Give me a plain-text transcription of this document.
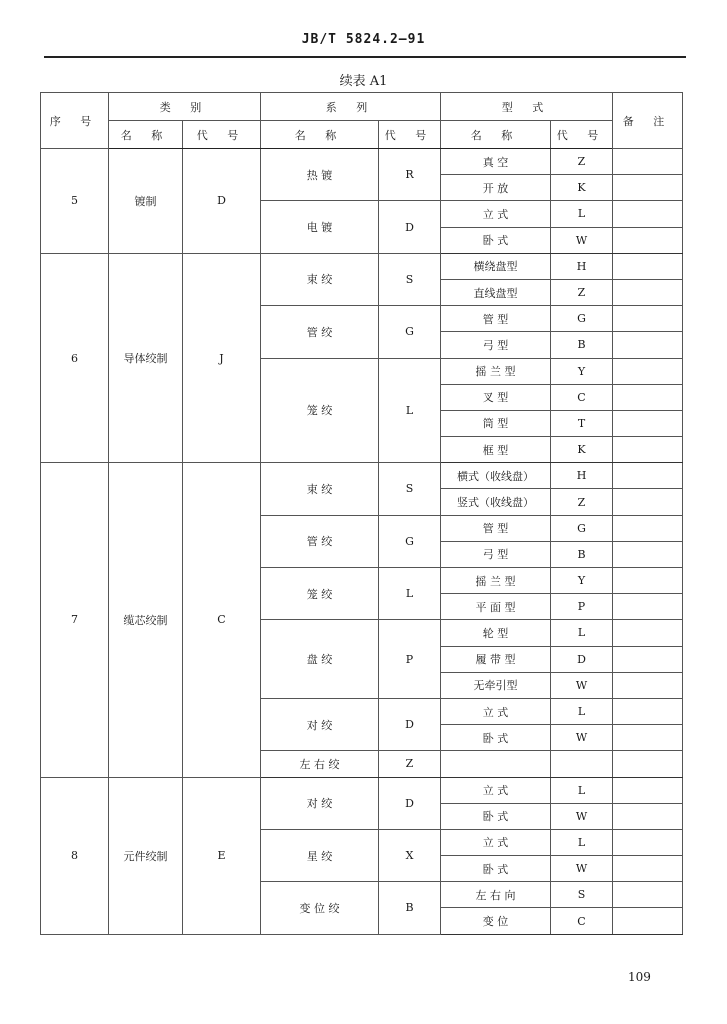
JB/T 5824.2—91
续表 A1
序 号	类 别		系 列		型 式		备 注
	名 称	代 号	名 称	代 号	名 称	代 号	
5	镀制	D	热 镀	R	真 空	Z	
					开 放	K	
			电 镀	D	立 式	L	
					卧 式	W	
6	导体绞制	J	束 绞	S	横绕盘型	H	
					直线盘型	Z	
			管 绞	G	管 型	G	
					弓 型	B	
			笼 绞	L	摇 兰 型	Y	
					叉 型	C	
					筒 型	T	
					框 型	K	
7	缆芯绞制	C	束 绞	S	横式（收线盘）	H	
					竖式（收线盘）	Z	
			管 绞	G	管 型	G	
					弓 型	B	
			笼 绞	L	摇 兰 型	Y	
					平 面 型	P	
			盘 绞	P	轮 型	L	
					履 带 型	D	
					无牵引型	W	
			对 绞	D	立 式	L	
					卧 式	W	
			左 右 绞	Z			
8	元件绞制	E	对 绞	D	立 式	L	
					卧 式	W	
			星 绞	X	立 式	L	
					卧 式	W	
			变 位 绞	B	左 右 向	S	
					变 位	C	
109
